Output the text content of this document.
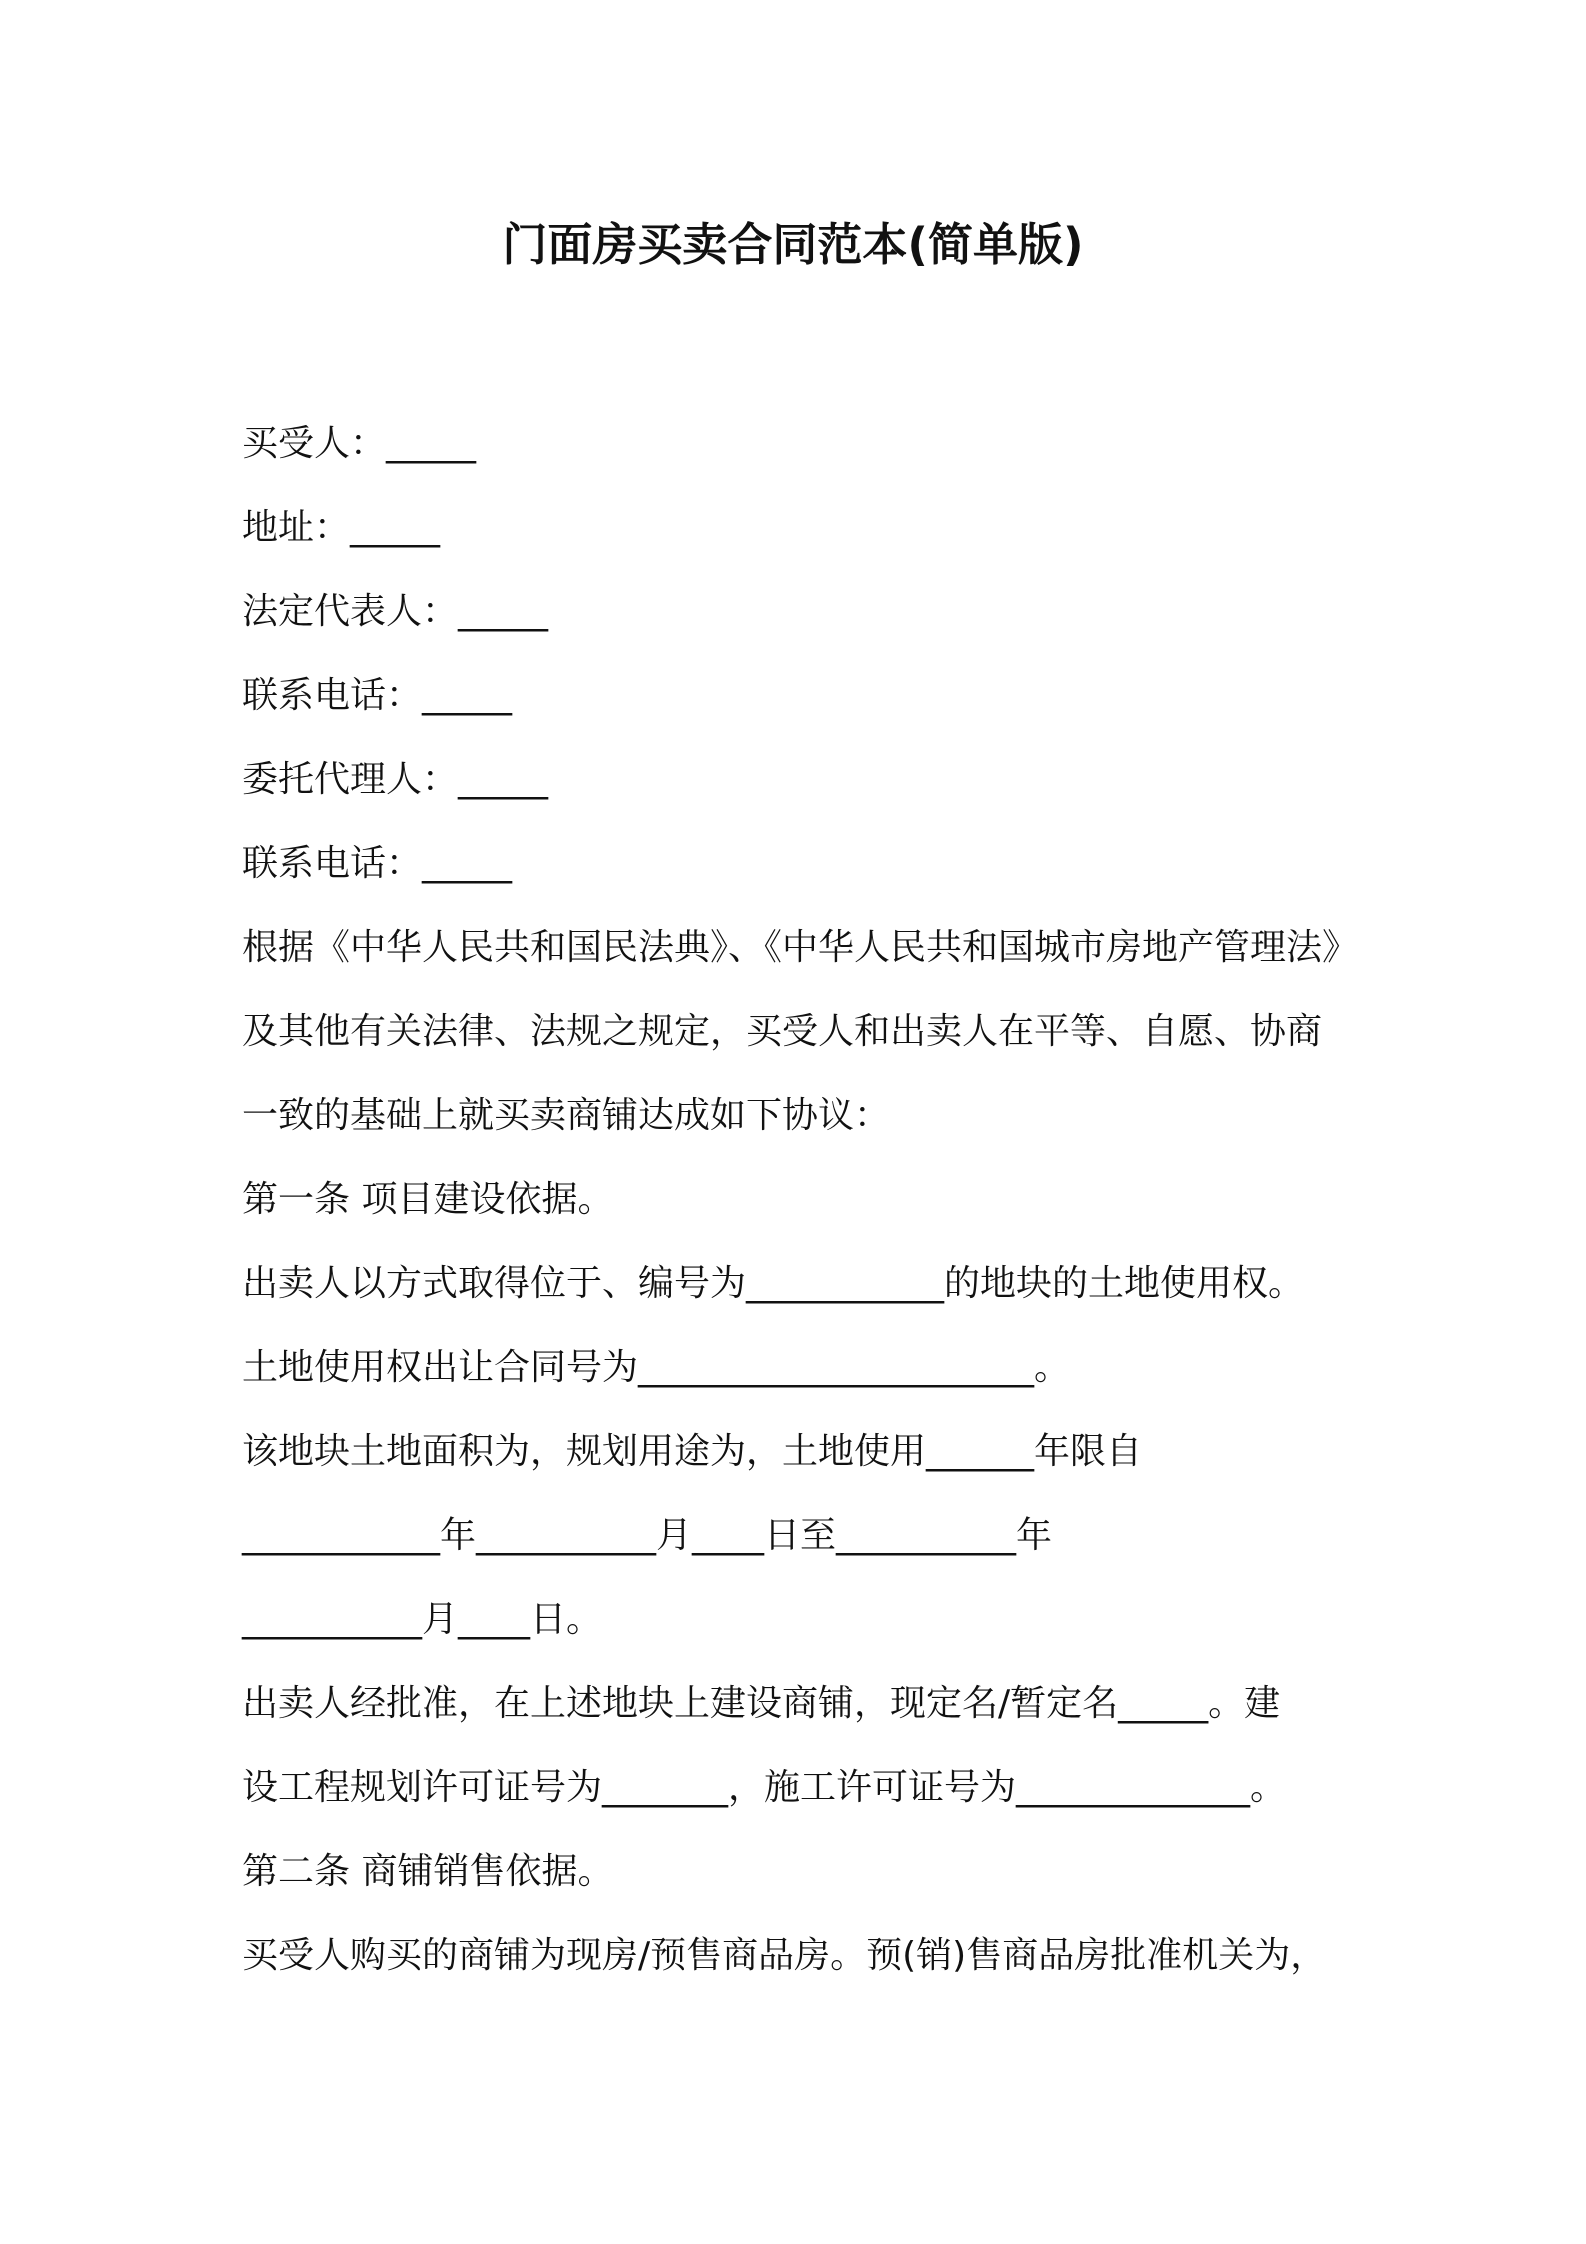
门面房买卖合同范本(简单版)

买受人：_____

地址：_____

法定代表人：_____

联系电话：_____

委托代理人：_____

联系电话：_____

根据《中华人民共和国民法典》、《中华人民共和国城市房地产管理法》

及其他有关法律、法规之规定，买受人和出卖人在平等、自愿、协商

一致的基础上就买卖商铺达成如下协议：

第一条 项目建设依据。

出卖人以方式取得位于、编号为___________的地块的土地使用权。

土地使用权出让合同号为______________________。

该地块土地面积为，规划用途为，土地使用______年限自

___________年__________月____日至__________年

__________月____日。

出卖人经批准，在上述地块上建设商铺，现定名/暂定名_____。建

设工程规划许可证号为_______，施工许可证号为_____________。

第二条 商铺销售依据。

买受人购买的商铺为现房/预售商品房。预(销)售商品房批准机关为，
